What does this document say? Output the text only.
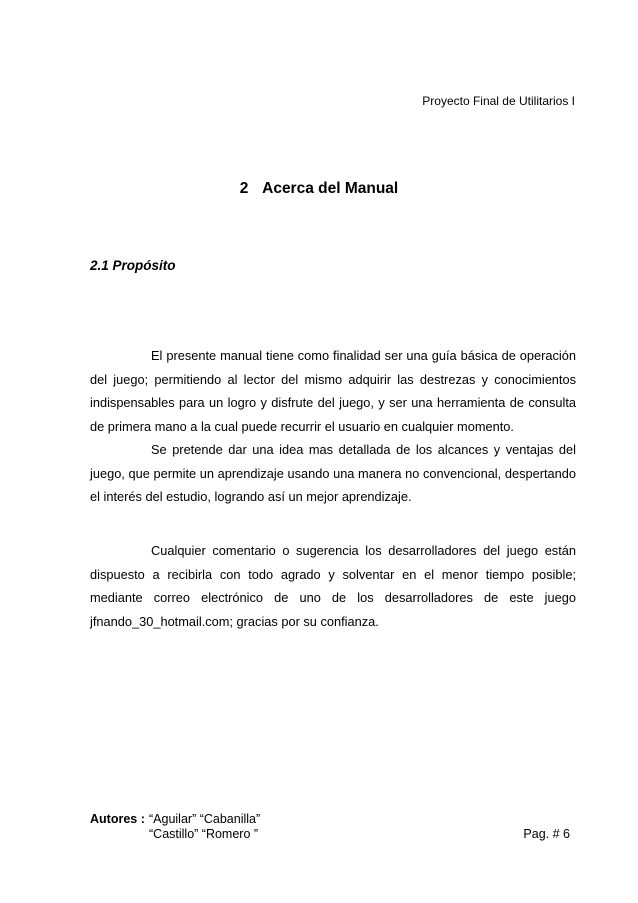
Proyecto Final de Utilitarios I
2 Acerca del Manual
2.1 Propósito

El presente manual tiene como finalidad ser una guía básica de operación del juego; permitiendo al lector del mismo adquirir las destrezas y conocimientos indispensables para un logro y disfrute del juego, y ser una herramienta de consulta de primera mano a la cual puede recurrir el usuario en cualquier momento.

Se pretende dar una idea mas detallada de los alcances y ventajas del juego, que permite un aprendizaje usando una manera no convencional, despertando el interés del estudio, logrando así un mejor aprendizaje.

Cualquier comentario o sugerencia los desarrolladores del juego están dispuesto a recibirla con todo agrado y solventar en el menor tiempo posible; mediante correo electrónico de uno de los desarrolladores de este juego jfnando_30_hotmail.com; gracias por su confianza.

Autores : “Aguilar” “Cabanilla”
“Castillo” “Romero ”	Pag. # 6
